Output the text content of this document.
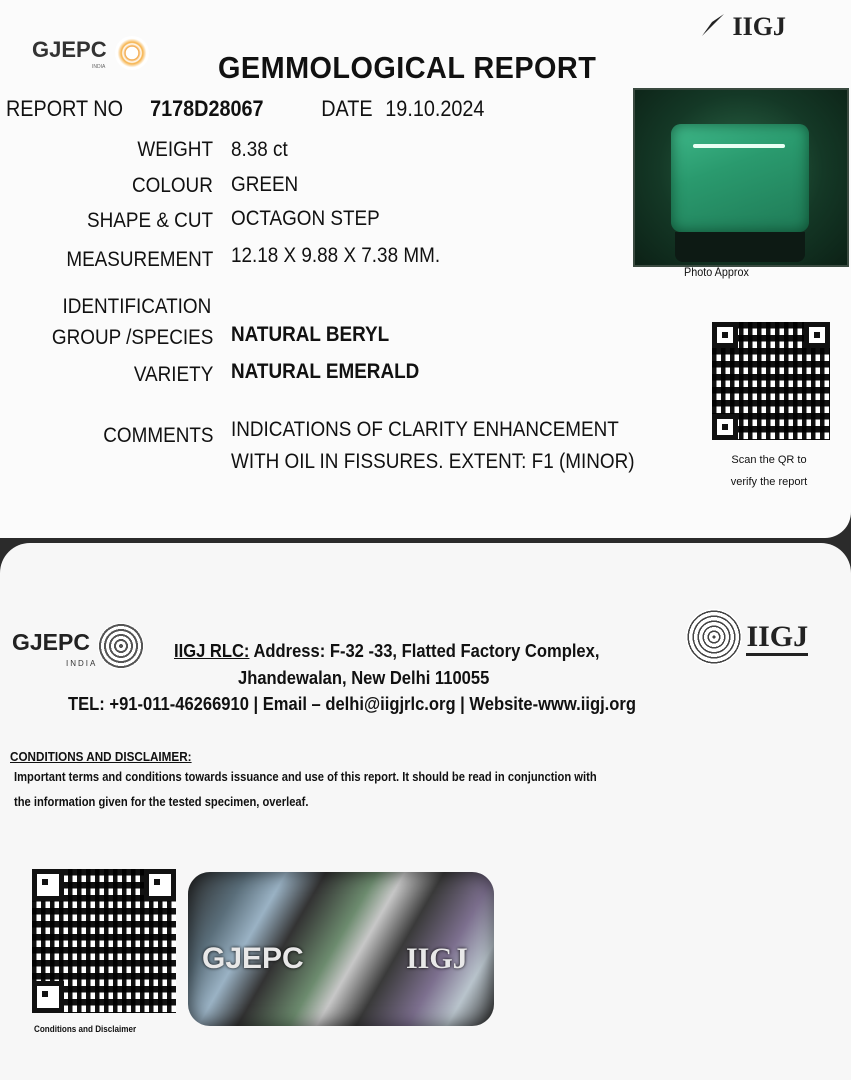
GJEPC
INDIA
IIGJ
GEMMOLOGICAL REPORT
REPORT NO 7178D28067	DATE 19.10.2024
WEIGHT 8.38 ct
COLOUR GREEN
SHAPE & CUT OCTAGON STEP
MEASUREMENT 12.18 X 9.88 X 7.38 MM.
IDENTIFICATION
GROUP /SPECIES NATURAL BERYL
VARIETY NATURAL EMERALD
COMMENTS INDICATIONS OF CLARITY ENHANCEMENT
WITH OIL IN FISSURES. EXTENT: F1 (MINOR)
Photo Approx
Scan the QR to
verify the report
GJEPC
INDIA
IIGJ
IIGJ RLC: Address: F-32 -33, Flatted Factory Complex,
Jhandewalan, New Delhi 110055
TEL: +91-011-46266910 | Email – delhi@iigjrlc.org | Website-www.iigj.org
CONDITIONS AND DISCLAIMER:
Important terms and conditions towards issuance and use of this report. It should be read in conjunction with
the information given for the tested specimen, overleaf.
Conditions and Disclaimer
GJEPC	IIGJ
